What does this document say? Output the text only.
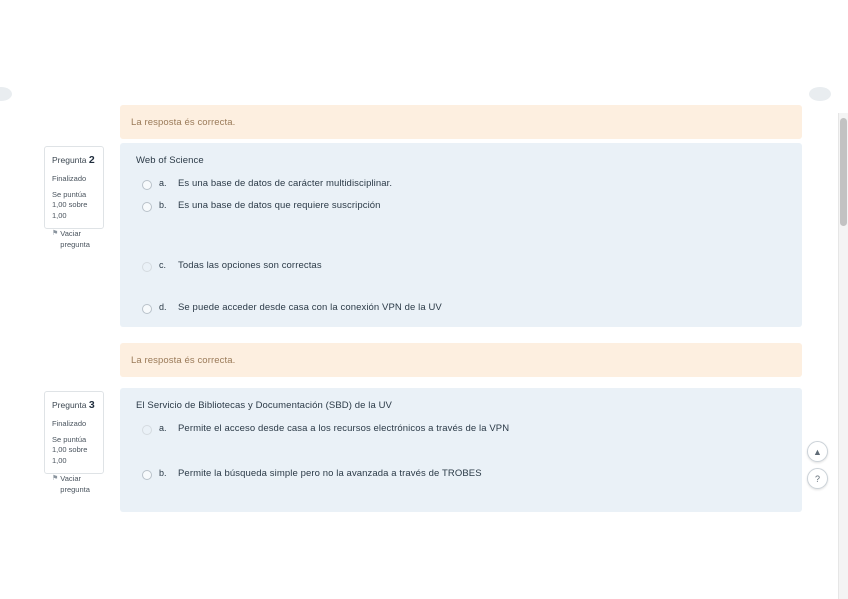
La resposta és correcta.
Pregunta 2
Finalizado
Se puntúa 1,00 sobre 1,00
⚑ Vaciar pregunta

Web of Science

a.	Es una base de datos de carácter multidisciplinar.
b.	Es una base de datos que requiere suscripción
c.	Todas las opciones son correctas
d.	Se puede acceder desde casa con la conexión VPN de la UV
La resposta és correcta.
Pregunta 3
Finalizado
Se puntúa 1,00 sobre 1,00
⚑ Vaciar pregunta

El Servicio de Bibliotecas y Documentación (SBD) de la UV

a.	Permite el acceso desde casa a los recursos electrónicos a través de la VPN
b.	Permite la búsqueda simple pero no la avanzada a través de TROBES
▲
?
